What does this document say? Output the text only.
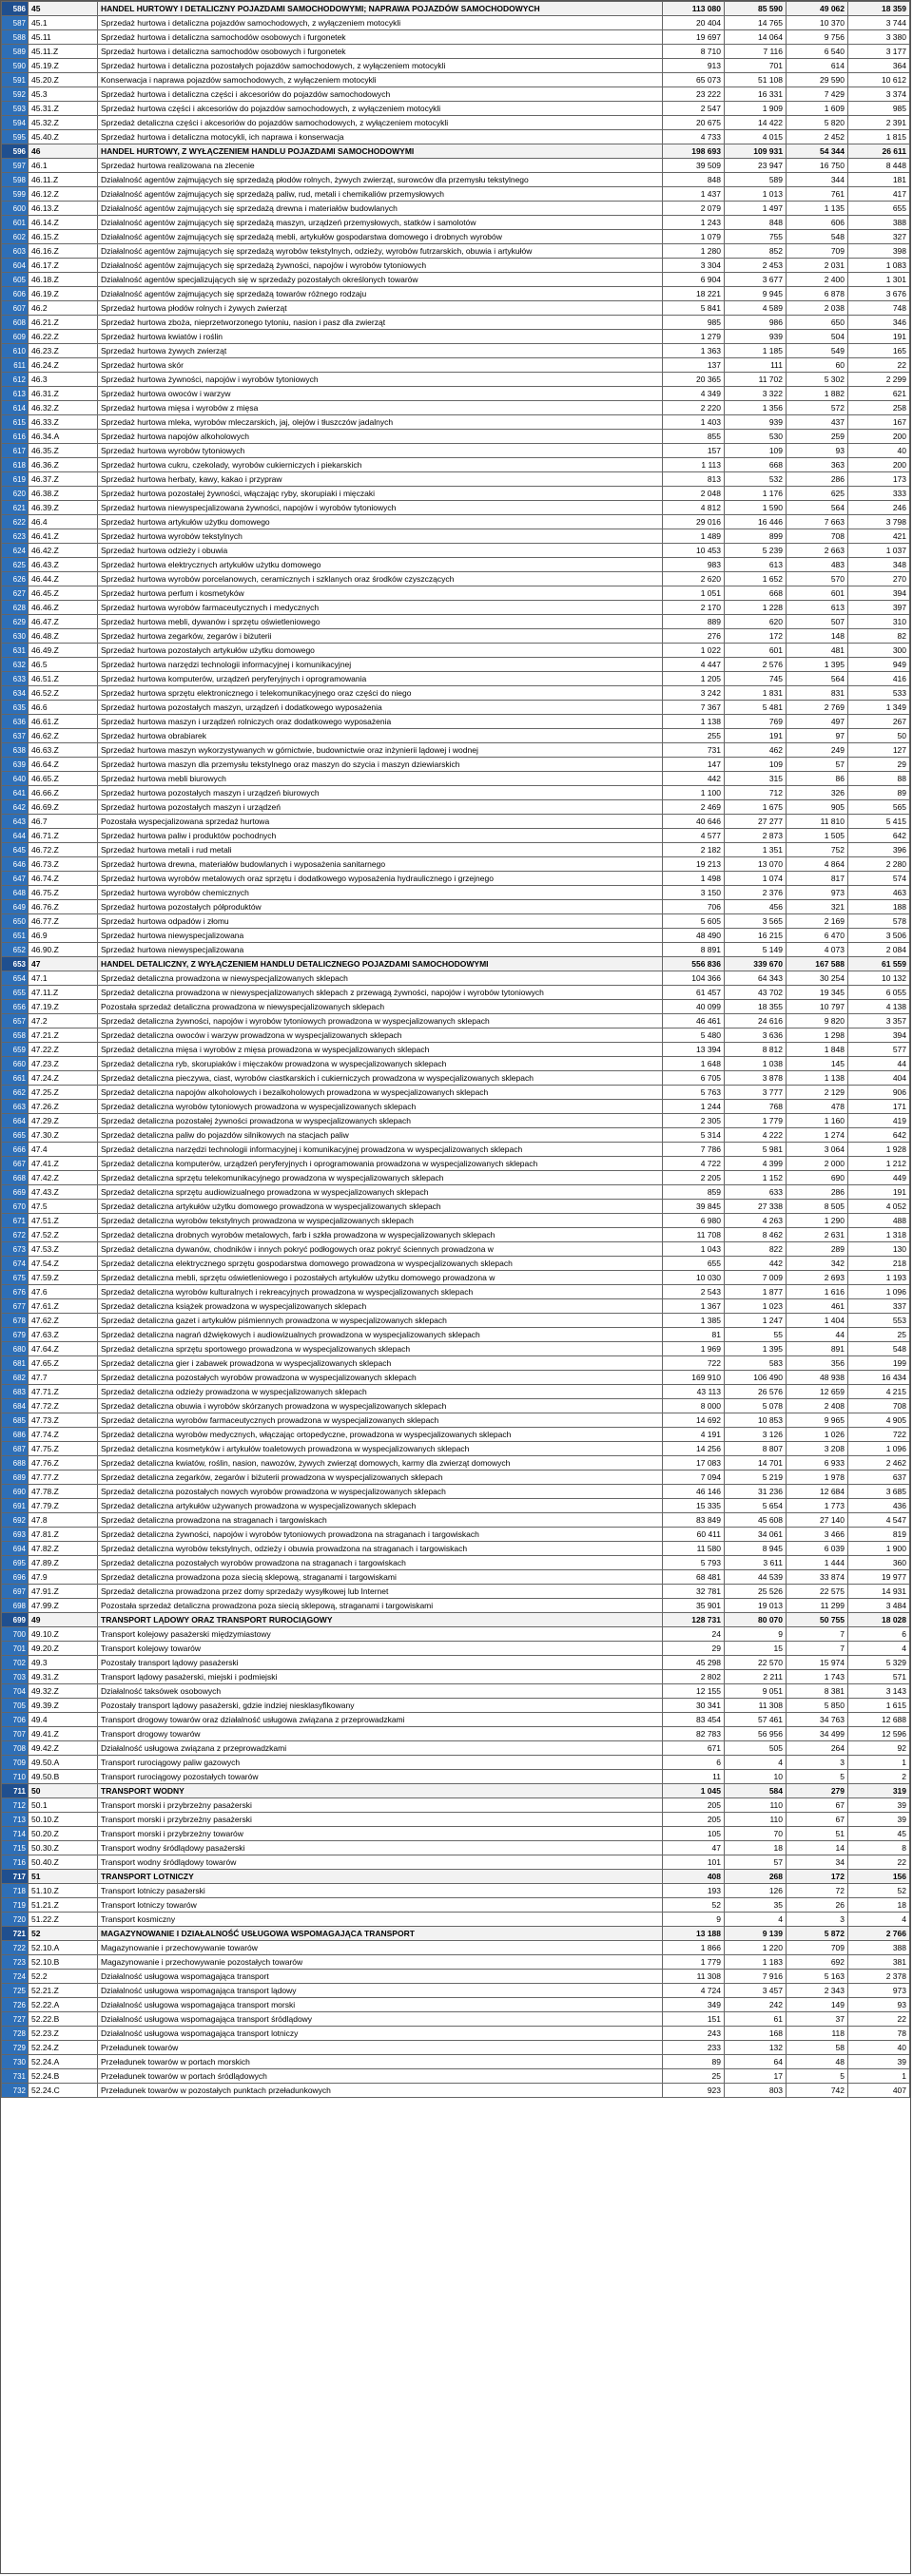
586	45	HANDEL HURTOWY I DETALICZNY POJAZDAMI SAMOCHODOWYMI; NAPRAWA POJAZDÓW SAMOCHODOWYCH	113 080	85 590	49 062	18 359
587	45.1	Sprzedaż hurtowa i detaliczna pojazdów samochodowych, z wyłączeniem motocykli	20 404	14 765	10 370	3 744
588	45.11	Sprzedaż hurtowa i detaliczna samochodów osobowych i furgonetek	19 697	14 064	9 756	3 380
589	45.11.Z	Sprzedaż hurtowa i detaliczna samochodów osobowych i furgonetek	8 710	7 116	6 540	3 177
590	45.19.Z	Sprzedaż hurtowa i detaliczna pozostałych pojazdów samochodowych, z wyłączeniem motocykli	913	701	614	364
591	45.20.Z	Konserwacja i naprawa pojazdów samochodowych, z wyłączeniem motocykli	65 073	51 108	29 590	10 612
592	45.3	Sprzedaż hurtowa i detaliczna części i akcesoriów do pojazdów samochodowych	23 222	16 331	7 429	3 374
593	45.31.Z	Sprzedaż hurtowa części i akcesoriów do pojazdów samochodowych, z wyłączeniem motocykli	2 547	1 909	1 609	985
594	45.32.Z	Sprzedaż detaliczna części i akcesoriów do pojazdów samochodowych, z wyłączeniem motocykli	20 675	14 422	5 820	2 391
595	45.40.Z	Sprzedaż hurtowa i detaliczna motocykli, ich naprawa i konserwacja	4 733	4 015	2 452	1 815
596	46	HANDEL HURTOWY, Z WYŁĄCZENIEM HANDLU POJAZDAMI SAMOCHODOWYMI	198 693	109 931	54 344	26 611
597	46.1	Sprzedaż hurtowa realizowana na zlecenie	39 509	23 947	16 750	8 448
598	46.11.Z	Działalność agentów zajmujących się sprzedażą płodów rolnych, żywych zwierząt, surowców dla przemysłu tekstylnego	848	589	344	181
599	46.12.Z	Działalność agentów zajmujących się sprzedażą paliw, rud, metali i chemikaliów przemysłowych	1 437	1 013	761	417
600	46.13.Z	Działalność agentów zajmujących się sprzedażą drewna i materiałów budowlanych	2 079	1 497	1 135	655
601	46.14.Z	Działalność agentów zajmujących się sprzedażą maszyn, urządzeń przemysłowych, statków i samolotów	1 243	848	606	388
602	46.15.Z	Działalność agentów zajmujących się sprzedażą mebli, artykułów gospodarstwa domowego i drobnych wyrobów	1 079	755	548	327
603	46.16.Z	Działalność agentów zajmujących się sprzedażą wyrobów tekstylnych, odzieży, wyrobów futrzarskich, obuwia i artykułów	1 280	852	709	398
604	46.17.Z	Działalność agentów zajmujących się sprzedażą żywności, napojów i wyrobów tytoniowych	3 304	2 453	2 031	1 083
605	46.18.Z	Działalność agentów specjalizujących się w sprzedaży pozostałych określonych towarów	6 904	3 677	2 400	1 301
606	46.19.Z	Działalność agentów zajmujących się sprzedażą towarów różnego rodzaju	18 221	9 945	6 878	3 676
607	46.2	Sprzedaż hurtowa płodów rolnych i żywych zwierząt	5 841	4 589	2 038	748
608	46.21.Z	Sprzedaż hurtowa zboża, nieprzetworzonego tytoniu, nasion i pasz dla zwierząt	985	986	650	346
609	46.22.Z	Sprzedaż hurtowa kwiatów i roślin	1 279	939	504	191
610	46.23.Z	Sprzedaż hurtowa żywych zwierząt	1 363	1 185	549	165
611	46.24.Z	Sprzedaż hurtowa skór	137	111	60	22
612	46.3	Sprzedaż hurtowa żywności, napojów i wyrobów tytoniowych	20 365	11 702	5 302	2 299
613	46.31.Z	Sprzedaż hurtowa owoców i warzyw	4 349	3 322	1 882	621
614	46.32.Z	Sprzedaż hurtowa mięsa i wyrobów z mięsa	2 220	1 356	572	258
615	46.33.Z	Sprzedaż hurtowa mleka, wyrobów mleczarskich, jaj, olejów i tłuszczów jadalnych	1 403	939	437	167
616	46.34.A	Sprzedaż hurtowa napojów alkoholowych	855	530	259	200
617	46.35.Z	Sprzedaż hurtowa wyrobów tytoniowych	157	109	93	40
618	46.36.Z	Sprzedaż hurtowa cukru, czekolady, wyrobów cukierniczych i piekarskich	1 113	668	363	200
619	46.37.Z	Sprzedaż hurtowa herbaty, kawy, kakao i przypraw	813	532	286	173
620	46.38.Z	Sprzedaż hurtowa pozostałej żywności, włączając ryby, skorupiaki i mięczaki	2 048	1 176	625	333
621	46.39.Z	Sprzedaż hurtowa niewyspecjalizowana żywności, napojów i wyrobów tytoniowych	4 812	1 590	564	246
622	46.4	Sprzedaż hurtowa artykułów użytku domowego	29 016	16 446	7 663	3 798
623	46.41.Z	Sprzedaż hurtowa wyrobów tekstylnych	1 489	899	708	421
624	46.42.Z	Sprzedaż hurtowa odzieży i obuwia	10 453	5 239	2 663	1 037
625	46.43.Z	Sprzedaż hurtowa elektrycznych artykułów użytku domowego	983	613	483	348
626	46.44.Z	Sprzedaż hurtowa wyrobów porcelanowych, ceramicznych i szklanych oraz środków czyszczących	2 620	1 652	570	270
627	46.45.Z	Sprzedaż hurtowa perfum i kosmetyków	1 051	668	601	394
628	46.46.Z	Sprzedaż hurtowa wyrobów farmaceutycznych i medycznych	2 170	1 228	613	397
629	46.47.Z	Sprzedaż hurtowa mebli, dywanów i sprzętu oświetleniowego	889	620	507	310
630	46.48.Z	Sprzedaż hurtowa zegarków, zegarów i biżuterii	276	172	148	82
631	46.49.Z	Sprzedaż hurtowa pozostałych artykułów użytku domowego	1 022	601	481	300
632	46.5	Sprzedaż hurtowa narzędzi technologii informacyjnej i komunikacyjnej	4 447	2 576	1 395	949
633	46.51.Z	Sprzedaż hurtowa komputerów, urządzeń peryferyjnych i oprogramowania	1 205	745	564	416
634	46.52.Z	Sprzedaż hurtowa sprzętu elektronicznego i telekomunikacyjnego oraz części do niego	3 242	1 831	831	533
635	46.6	Sprzedaż hurtowa pozostałych maszyn, urządzeń i dodatkowego wyposażenia	7 367	5 481	2 769	1 349
636	46.61.Z	Sprzedaż hurtowa maszyn i urządzeń rolniczych oraz dodatkowego wyposażenia	1 138	769	497	267
637	46.62.Z	Sprzedaż hurtowa obrabiarek	255	191	97	50
638	46.63.Z	Sprzedaż hurtowa maszyn wykorzystywanych w górnictwie, budownictwie oraz inżynierii lądowej i wodnej	731	462	249	127
639	46.64.Z	Sprzedaż hurtowa maszyn dla przemysłu tekstylnego oraz maszyn do szycia i maszyn dziewiarskich	147	109	57	29
640	46.65.Z	Sprzedaż hurtowa mebli biurowych	442	315	86	88
641	46.66.Z	Sprzedaż hurtowa pozostałych maszyn i urządzeń biurowych	1 100	712	326	89
642	46.69.Z	Sprzedaż hurtowa pozostałych maszyn i urządzeń	2 469	1 675	905	565
643	46.7	Pozostała wyspecjalizowana sprzedaż hurtowa	40 646	27 277	11 810	5 415
644	46.71.Z	Sprzedaż hurtowa paliw i produktów pochodnych	4 577	2 873	1 505	642
645	46.72.Z	Sprzedaż hurtowa metali i rud metali	2 182	1 351	752	396
646	46.73.Z	Sprzedaż hurtowa drewna, materiałów budowlanych i wyposażenia sanitarnego	19 213	13 070	4 864	2 280
647	46.74.Z	Sprzedaż hurtowa wyrobów metalowych oraz sprzętu i dodatkowego wyposażenia hydraulicznego i grzejnego	1 498	1 074	817	574
648	46.75.Z	Sprzedaż hurtowa wyrobów chemicznych	3 150	2 376	973	463
649	46.76.Z	Sprzedaż hurtowa pozostałych półproduktów	706	456	321	188
650	46.77.Z	Sprzedaż hurtowa odpadów i złomu	5 605	3 565	2 169	578
651	46.9	Sprzedaż hurtowa niewyspecjalizowana	48 490	16 215	6 470	3 506
652	46.90.Z	Sprzedaż hurtowa niewyspecjalizowana	8 891	5 149	4 073	2 084
653	47	HANDEL DETALICZNY, Z WYŁĄCZENIEM HANDLU DETALICZNEGO POJAZDAMI SAMOCHODOWYMI	556 836	339 670	167 588	61 559
654	47.1	Sprzedaż detaliczna prowadzona w niewyspecjalizowanych sklepach	104 366	64 343	30 254	10 132
655	47.11.Z	Sprzedaż detaliczna prowadzona w niewyspecjalizowanych sklepach z przewagą żywności, napojów i wyrobów tytoniowych	61 457	43 702	19 345	6 055
656	47.19.Z	Pozostała sprzedaż detaliczna prowadzona w niewyspecjalizowanych sklepach	40 099	18 355	10 797	4 138
657	47.2	Sprzedaż detaliczna żywności, napojów i wyrobów tytoniowych prowadzona w wyspecjalizowanych sklepach	46 461	24 616	9 820	3 357
658	47.21.Z	Sprzedaż detaliczna owoców i warzyw prowadzona w wyspecjalizowanych sklepach	5 480	3 636	1 298	394
659	47.22.Z	Sprzedaż detaliczna mięsa i wyrobów z mięsa prowadzona w wyspecjalizowanych sklepach	13 394	8 812	1 848	577
660	47.23.Z	Sprzedaż detaliczna ryb, skorupiaków i mięczaków prowadzona w wyspecjalizowanych sklepach	1 648	1 038	145	44
661	47.24.Z	Sprzedaż detaliczna pieczywa, ciast, wyrobów ciastkarskich i cukierniczych prowadzona w wyspecjalizowanych sklepach	6 705	3 878	1 138	404
662	47.25.Z	Sprzedaż detaliczna napojów alkoholowych i bezalkoholowych prowadzona w wyspecjalizowanych sklepach	5 763	3 777	2 129	906
663	47.26.Z	Sprzedaż detaliczna wyrobów tytoniowych prowadzona w wyspecjalizowanych sklepach	1 244	768	478	171
664	47.29.Z	Sprzedaż detaliczna pozostałej żywności prowadzona w wyspecjalizowanych sklepach	2 305	1 779	1 160	419
665	47.30.Z	Sprzedaż detaliczna paliw do pojazdów silnikowych na stacjach paliw	5 314	4 222	1 274	642
666	47.4	Sprzedaż detaliczna narzędzi technologii informacyjnej i komunikacyjnej prowadzona w wyspecjalizowanych sklepach	7 786	5 981	3 064	1 928
667	47.41.Z	Sprzedaż detaliczna komputerów, urządzeń peryferyjnych i oprogramowania prowadzona w wyspecjalizowanych sklepach	4 722	4 399	2 000	1 212
668	47.42.Z	Sprzedaż detaliczna sprzętu telekomunikacyjnego prowadzona w wyspecjalizowanych sklepach	2 205	1 152	690	449
669	47.43.Z	Sprzedaż detaliczna sprzętu audiowizualnego prowadzona w wyspecjalizowanych sklepach	859	633	286	191
670	47.5	Sprzedaż detaliczna artykułów użytku domowego prowadzona w wyspecjalizowanych sklepach	39 845	27 338	8 505	4 052
671	47.51.Z	Sprzedaż detaliczna wyrobów tekstylnych prowadzona w wyspecjalizowanych sklepach	6 980	4 263	1 290	488
672	47.52.Z	Sprzedaż detaliczna drobnych wyrobów metalowych, farb i szkła prowadzona w wyspecjalizowanych sklepach	11 708	8 462	2 631	1 318
673	47.53.Z	Sprzedaż detaliczna dywanów, chodników i innych pokryć podłogowych oraz pokryć ściennych prowadzona w	1 043	822	289	130
674	47.54.Z	Sprzedaż detaliczna elektrycznego sprzętu gospodarstwa domowego prowadzona w wyspecjalizowanych sklepach	655	442	342	218
675	47.59.Z	Sprzedaż detaliczna mebli, sprzętu oświetleniowego i pozostałych artykułów użytku domowego prowadzona w	10 030	7 009	2 693	1 193
676	47.6	Sprzedaż detaliczna wyrobów kulturalnych i rekreacyjnych prowadzona w wyspecjalizowanych sklepach	2 543	1 877	1 616	1 096
677	47.61.Z	Sprzedaż detaliczna książek prowadzona w wyspecjalizowanych sklepach	1 367	1 023	461	337
678	47.62.Z	Sprzedaż detaliczna gazet i artykułów piśmiennych prowadzona w wyspecjalizowanych sklepach	1 385	1 247	1 404	553
679	47.63.Z	Sprzedaż detaliczna nagrań dźwiękowych i audiowizualnych prowadzona w wyspecjalizowanych sklepach	81	55	44	25
680	47.64.Z	Sprzedaż detaliczna sprzętu sportowego prowadzona w wyspecjalizowanych sklepach	1 969	1 395	891	548
681	47.65.Z	Sprzedaż detaliczna gier i zabawek prowadzona w wyspecjalizowanych sklepach	722	583	356	199
682	47.7	Sprzedaż detaliczna pozostałych wyrobów prowadzona w wyspecjalizowanych sklepach	169 910	106 490	48 938	16 434
683	47.71.Z	Sprzedaż detaliczna odzieży prowadzona w wyspecjalizowanych sklepach	43 113	26 576	12 659	4 215
684	47.72.Z	Sprzedaż detaliczna obuwia i wyrobów skórzanych prowadzona w wyspecjalizowanych sklepach	8 000	5 078	2 408	708
685	47.73.Z	Sprzedaż detaliczna wyrobów farmaceutycznych prowadzona w wyspecjalizowanych sklepach	14 692	10 853	9 965	4 905
686	47.74.Z	Sprzedaż detaliczna wyrobów medycznych, włączając ortopedyczne, prowadzona w wyspecjalizowanych sklepach	4 191	3 126	1 026	722
687	47.75.Z	Sprzedaż detaliczna kosmetyków i artykułów toaletowych prowadzona w wyspecjalizowanych sklepach	14 256	8 807	3 208	1 096
688	47.76.Z	Sprzedaż detaliczna kwiatów, roślin, nasion, nawozów, żywych zwierząt domowych, karmy dla zwierząt domowych	17 083	14 701	6 933	2 462
689	47.77.Z	Sprzedaż detaliczna zegarków, zegarów i biżuterii prowadzona w wyspecjalizowanych sklepach	7 094	5 219	1 978	637
690	47.78.Z	Sprzedaż detaliczna pozostałych nowych wyrobów prowadzona w wyspecjalizowanych sklepach	46 146	31 236	12 684	3 685
691	47.79.Z	Sprzedaż detaliczna artykułów używanych prowadzona w wyspecjalizowanych sklepach	15 335	5 654	1 773	436
692	47.8	Sprzedaż detaliczna prowadzona na straganach i targowiskach	83 849	45 608	27 140	4 547
693	47.81.Z	Sprzedaż detaliczna żywności, napojów i wyrobów tytoniowych prowadzona na straganach i targowiskach	60 411	34 061	3 466	819
694	47.82.Z	Sprzedaż detaliczna wyrobów tekstylnych, odzieży i obuwia prowadzona na straganach i targowiskach	11 580	8 945	6 039	1 900
695	47.89.Z	Sprzedaż detaliczna pozostałych wyrobów prowadzona na straganach i targowiskach	5 793	3 611	1 444	360
696	47.9	Sprzedaż detaliczna prowadzona poza siecią sklepową, straganami i targowiskami	68 481	44 539	33 874	19 977
697	47.91.Z	Sprzedaż detaliczna prowadzona przez domy sprzedaży wysyłkowej lub Internet	32 781	25 526	22 575	14 931
698	47.99.Z	Pozostała sprzedaż detaliczna prowadzona poza siecią sklepową, straganami i targowiskami	35 901	19 013	11 299	3 484
699	49	TRANSPORT LĄDOWY ORAZ TRANSPORT RUROCIĄGOWY	128 731	80 070	50 755	18 028
700	49.10.Z	Transport kolejowy pasażerski międzymiastowy	24	9	7	6
701	49.20.Z	Transport kolejowy towarów	29	15	7	4
702	49.3	Pozostały transport lądowy pasażerski	45 298	22 570	15 974	5 329
703	49.31.Z	Transport lądowy pasażerski, miejski i podmiejski	2 802	2 211	1 743	571
704	49.32.Z	Działalność taksówek osobowych	12 155	9 051	8 381	3 143
705	49.39.Z	Pozostały transport lądowy pasażerski, gdzie indziej niesklasyfikowany	30 341	11 308	5 850	1 615
706	49.4	Transport drogowy towarów oraz działalność usługowa związana z przeprowadzkami	83 454	57 461	34 763	12 688
707	49.41.Z	Transport drogowy towarów	82 783	56 956	34 499	12 596
708	49.42.Z	Działalność usługowa związana z przeprowadzkami	671	505	264	92
709	49.50.A	Transport rurociągowy paliw gazowych	6	4	3	1
710	49.50.B	Transport rurociągowy pozostałych towarów	11	10	5	2
711	50	TRANSPORT WODNY	1 045	584	279	319
712	50.1	Transport morski i przybrzeżny pasażerski	205	110	67	39
713	50.10.Z	Transport morski i przybrzeżny pasażerski	205	110	67	39
714	50.20.Z	Transport morski i przybrzeżny towarów	105	70	51	45
715	50.30.Z	Transport wodny śródlądowy pasażerski	47	18	14	8
716	50.40.Z	Transport wodny śródlądowy towarów	101	57	34	22
717	51	TRANSPORT LOTNICZY	408	268	172	156
718	51.10.Z	Transport lotniczy pasażerski	193	126	72	52
719	51.21.Z	Transport lotniczy towarów	52	35	26	18
720	51.22.Z	Transport kosmiczny	9	4	3	4
721	52	MAGAZYNOWANIE I DZIAŁALNOŚĆ USŁUGOWA WSPOMAGAJĄCA TRANSPORT	13 188	9 139	5 872	2 766
722	52.10.A	Magazynowanie i przechowywanie towarów	1 866	1 220	709	388
723	52.10.B	Magazynowanie i przechowywanie pozostałych towarów	1 779	1 183	692	381
724	52.2	Działalność usługowa wspomagająca transport	11 308	7 916	5 163	2 378
725	52.21.Z	Działalność usługowa wspomagająca transport lądowy	4 724	3 457	2 343	973
726	52.22.A	Działalność usługowa wspomagająca transport morski	349	242	149	93
727	52.22.B	Działalność usługowa wspomagająca transport śródlądowy	151	61	37	22
728	52.23.Z	Działalność usługowa wspomagająca transport lotniczy	243	168	118	78
729	52.24.Z	Przeładunek towarów	233	132	58	40
730	52.24.A	Przeładunek towarów w portach morskich	89	64	48	39
731	52.24.B	Przeładunek towarów w portach śródlądowych	25	17	5	1
732	52.24.C	Przeładunek towarów w pozostałych punktach przeładunkowych	923	803	742	407
